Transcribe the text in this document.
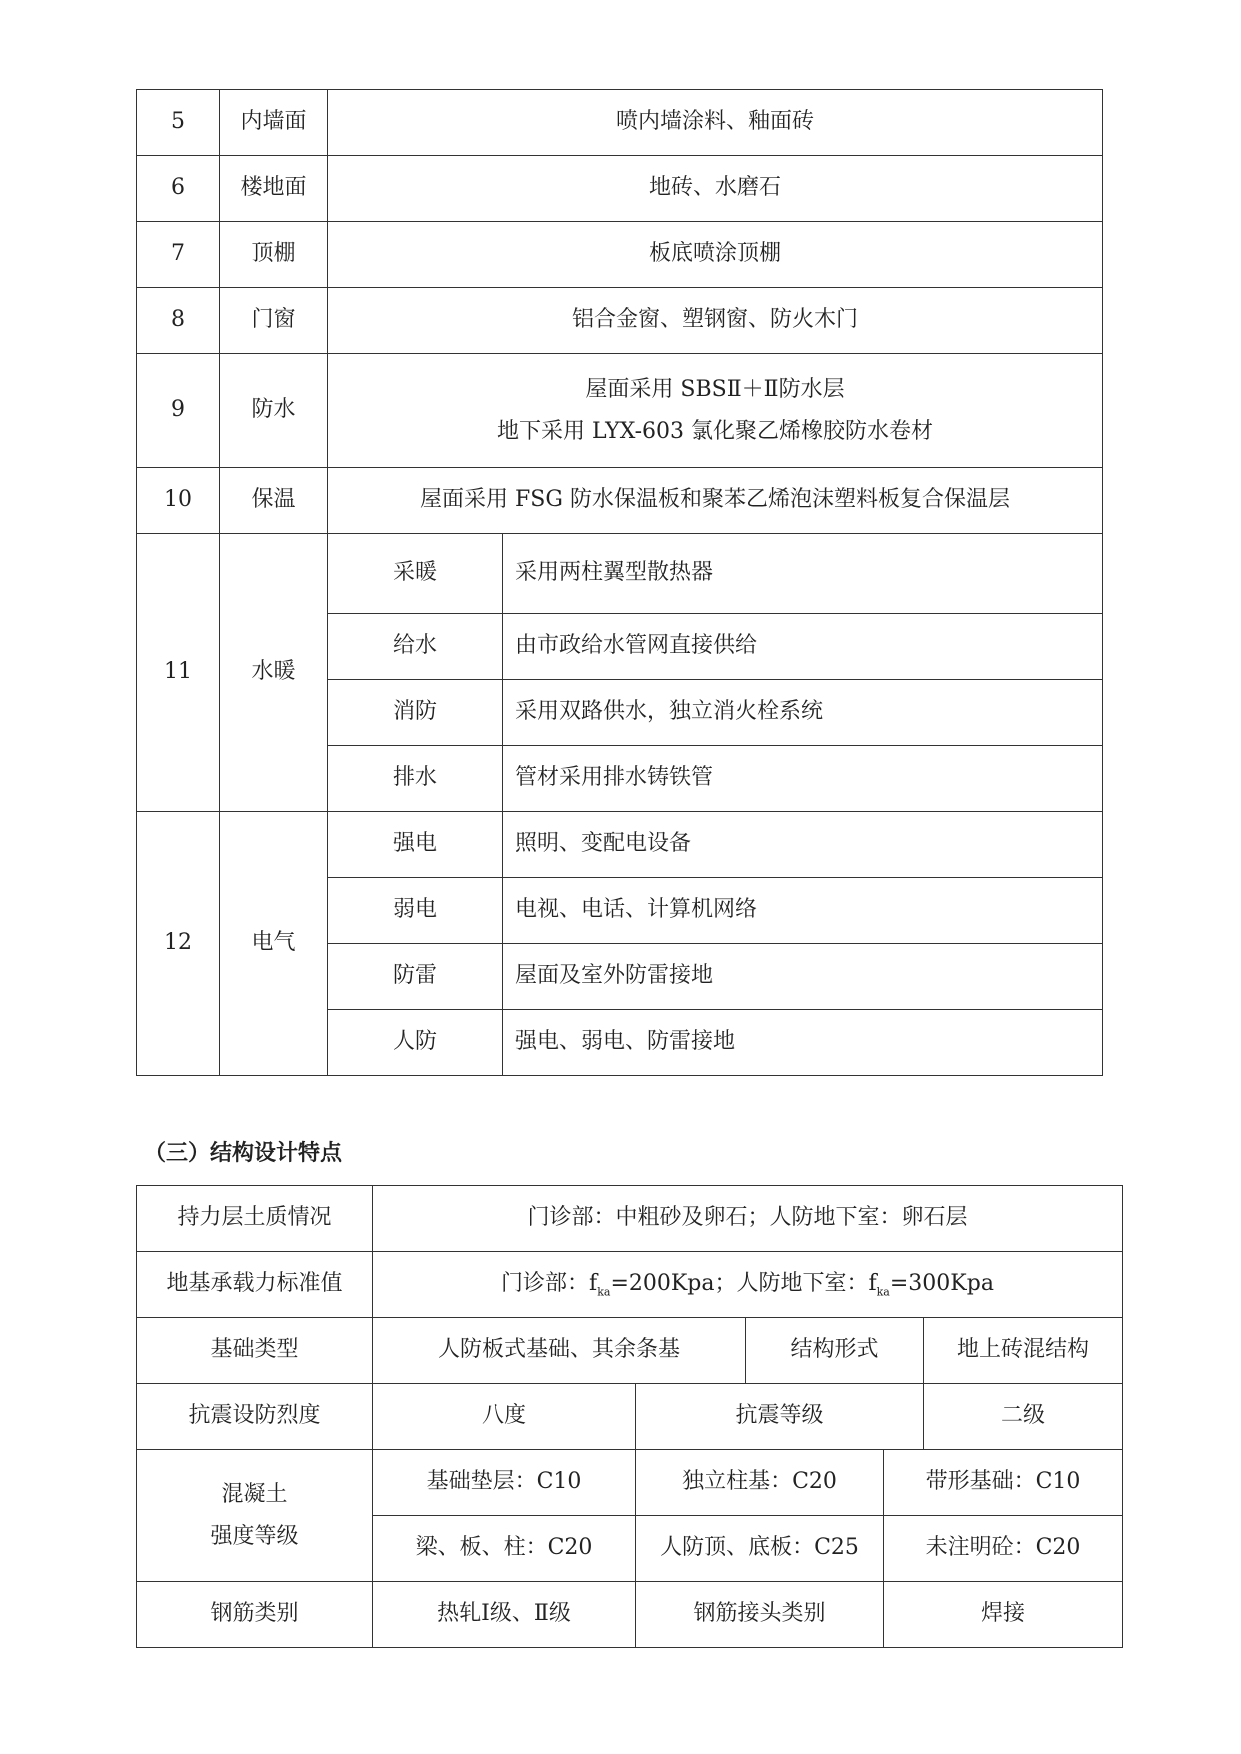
5	内墙面	喷内墙涂料、釉面砖	
6	楼地面	地砖、水磨石	
7	顶棚	板底喷涂顶棚	
8	门窗	铝合金窗、塑钢窗、防火木门	
9	防水	屋面采用 SBSⅡ＋Ⅱ防水层
地下采用 LYX-603 氯化聚乙烯橡胶防水卷材	

10	保温	屋面采用 FSG 防水保温板和聚苯乙烯泡沫塑料板复合保温层	
11	水暖	采暖	采用两柱翼型散热器
		给水	由市政给水管网直接供给
		消防	采用双路供水，独立消火栓系统
		排水	管材采用排水铸铁管
12	电气	强电	照明、变配电设备
		弱电	电视、电话、计算机网络
		防雷	屋面及室外防雷接地
		人防	强电、弱电、防雷接地
（三）结构设计特点
持力层土质情况	门诊部：中粗砂及卵石；人防地下室：卵石层				
地基承载力标准值	门诊部：$f_{ka}=200Kpa$；人防地下室：$f_{ka}=300Kpa$				
基础类型	人防板式基础、其余条基		结构形式		地上砖混结构
抗震设防烈度	八度	抗震等级			二级

混凝土
强度等级	基础垫层：C10	独立柱基：C20		带形基础：C10	
	梁、板、柱：C20	人防顶、底板：C25		未注明砼：C20	
钢筋类别	热轧Ⅰ级、Ⅱ级	钢筋接头类别		焊接	
